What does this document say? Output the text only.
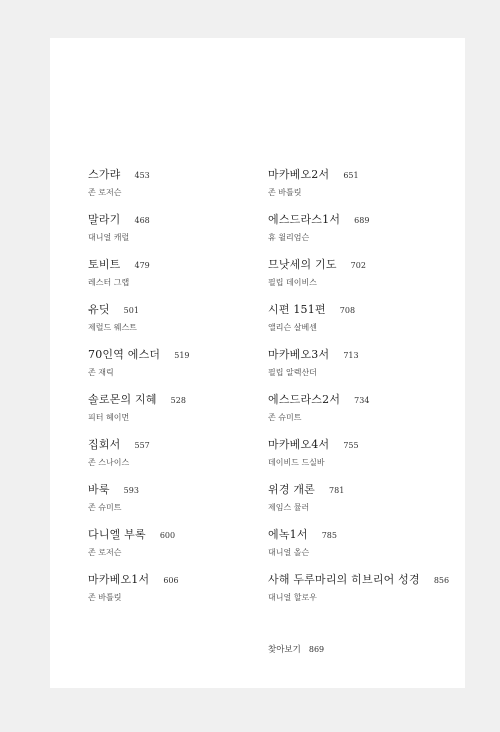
스가랴 453
존 로저슨
말라기 468
대니얼 캐럴
토비트 479
레스터 그랩
유딧 501
제럴드 웨스트
70인역 에스더 519
존 재릭
솔로몬의 지혜 528
피터 헤이먼
집회서 557
존 스나이스
바룩 593
존 슈미트
다니엘 부록 600
존 로저슨
마카베오1서 606
존 바틀릿
마카베오2서 651
존 바틀릿
에스드라스1서 689
휴 윌리엄슨
므낫세의 기도 702
필립 데이비스
시편 151편 708
앨리슨 살베센
마카베오3서 713
필립 알렉산더
에스드라스2서 734
존 슈미트
마카베오4서 755
데이비드 드실바
위경 개론 781
제임스 뮬러
에녹1서 785
대니얼 올슨
사해 두루마리의 히브리어 성경 856
대니얼 할로우
찾아보기 869
